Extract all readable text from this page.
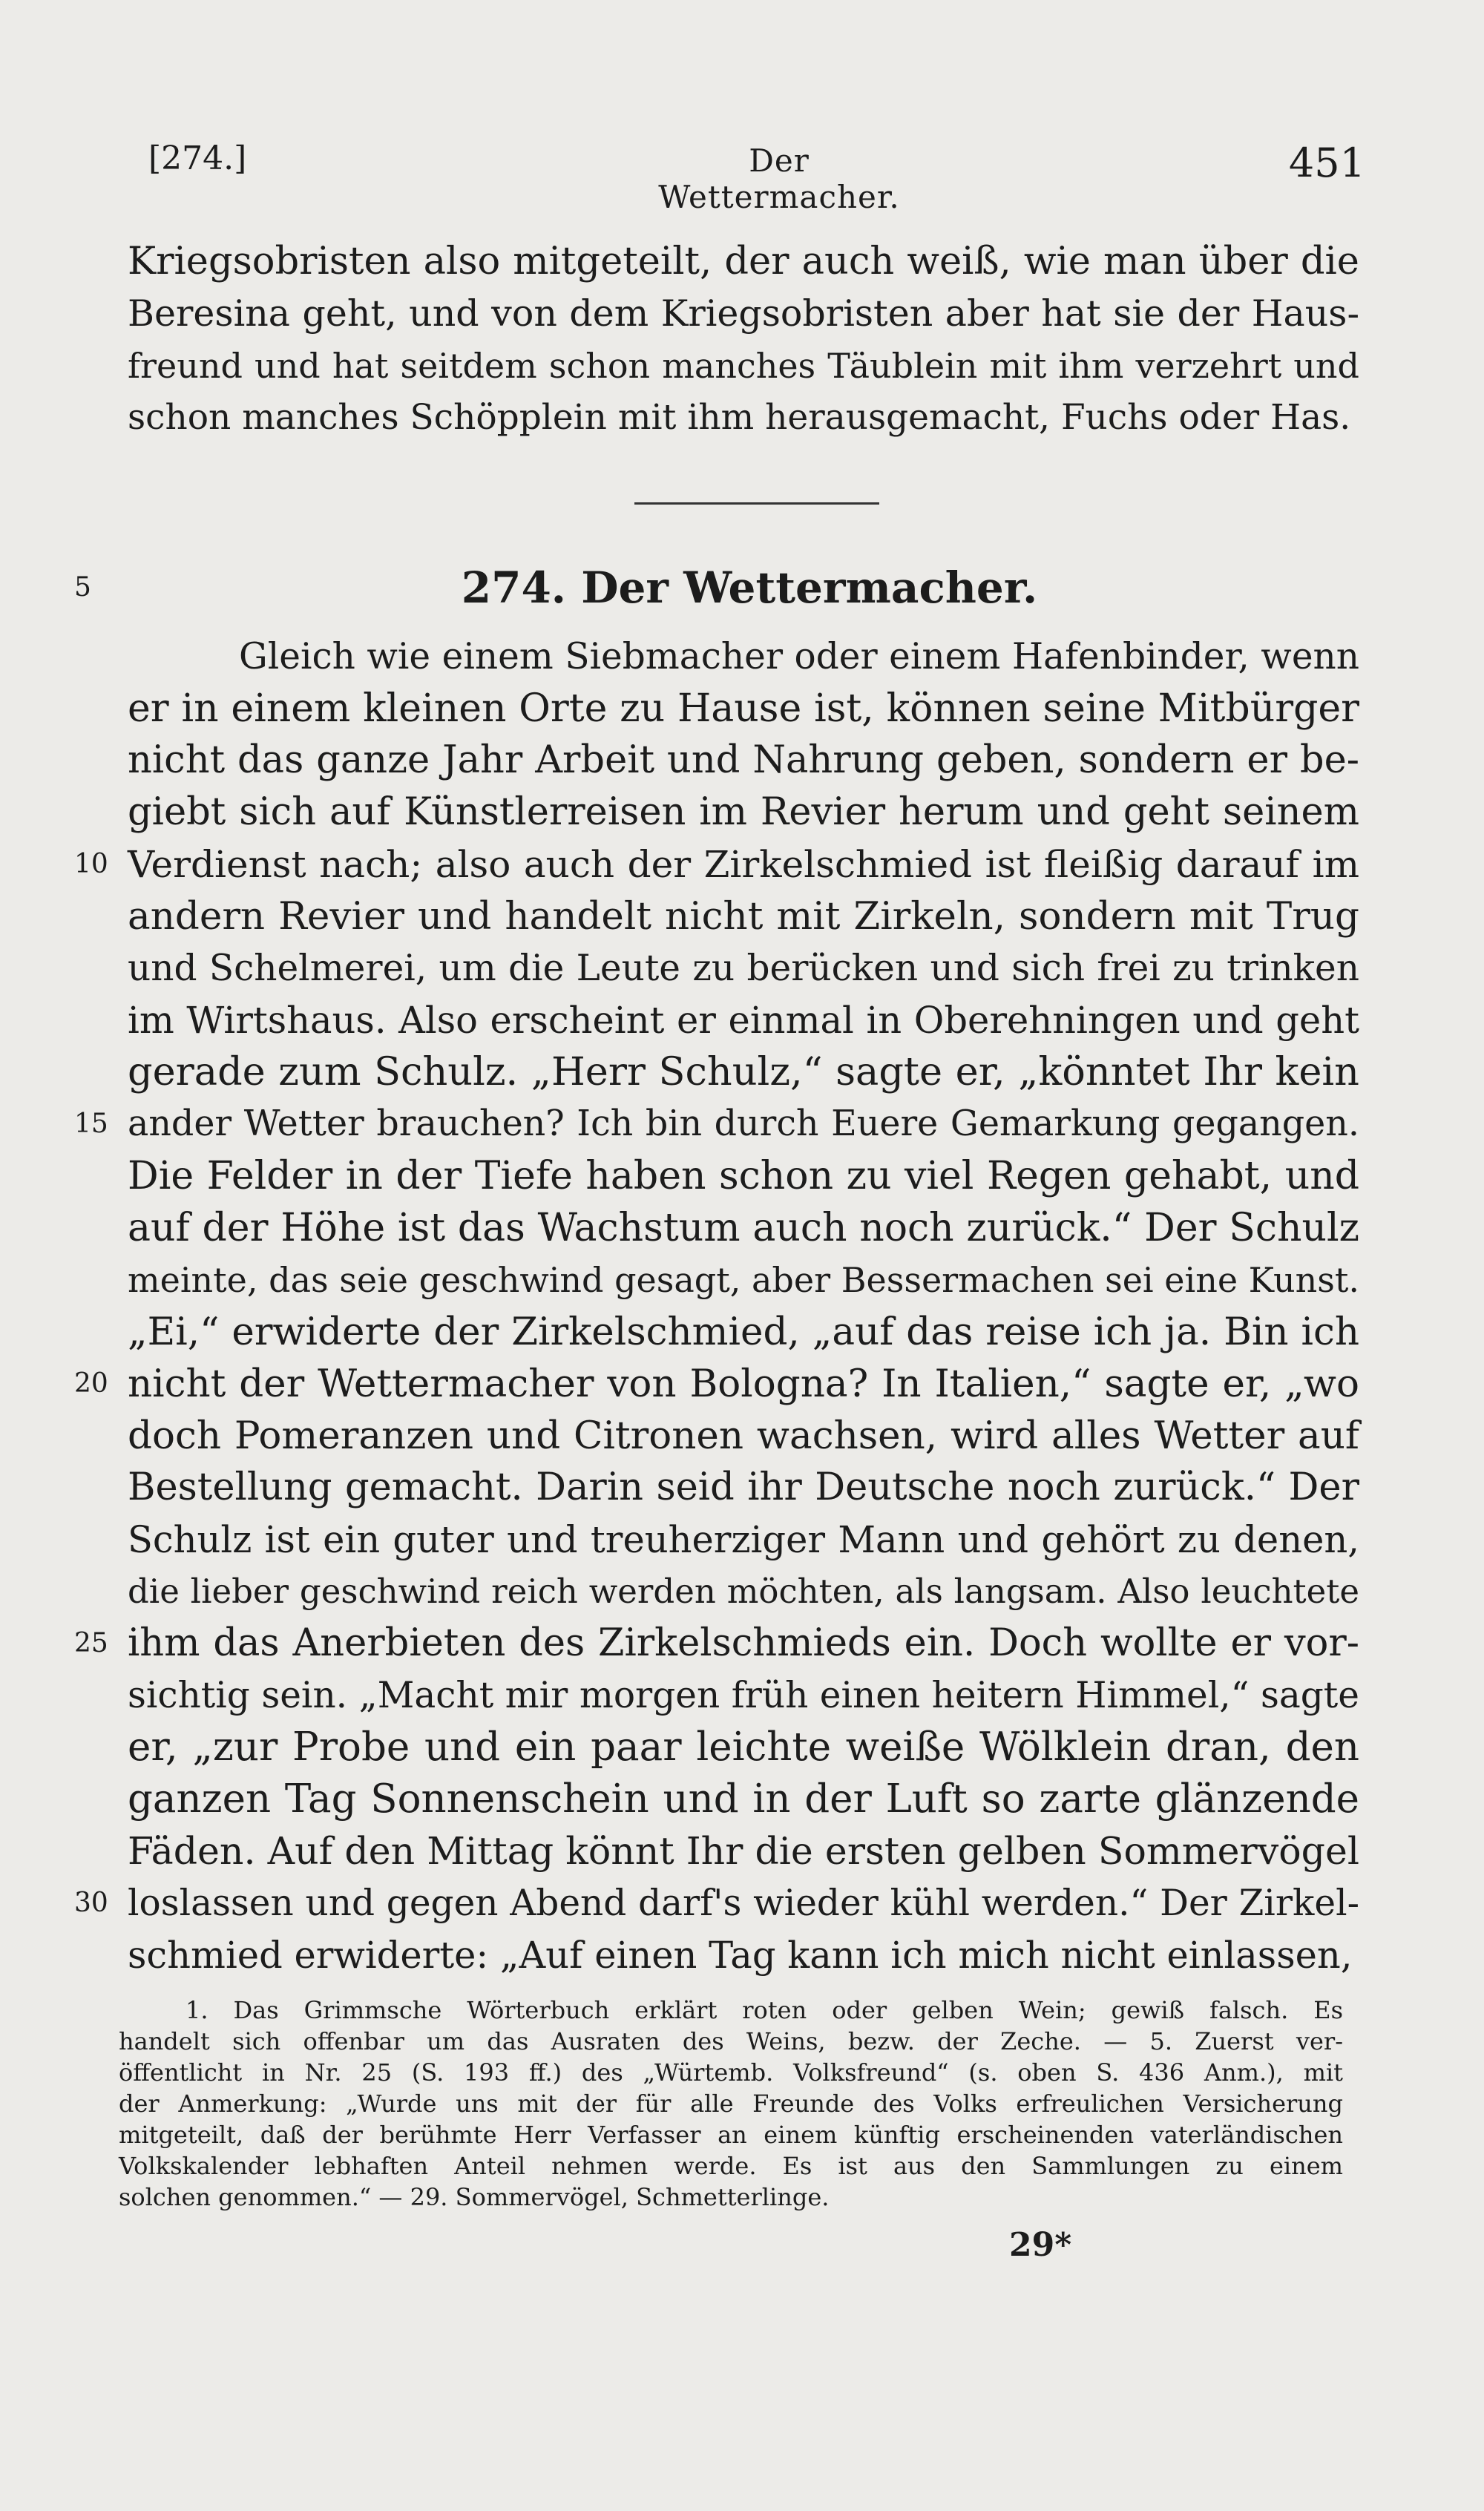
[274.]	Der Wettermacher.
451
Kriegsobristen also mitgeteilt, der auch weiß, wie man über die
Beresina geht, und von dem Kriegsobristen aber hat sie der Haus-
freund und hat seitdem schon manches Täublein mit ihm verzehrt und
schon manches Schöpplein mit ihm herausgemacht, Fuchs oder Has.
5	274. Der Wettermacher.
Gleich wie einem Siebmacher oder einem Hafenbinder, wenn
er in einem kleinen Orte zu Hause ist, können seine Mitbürger
nicht das ganze Jahr Arbeit und Nahrung geben, sondern er be-
giebt sich auf Künstlerreisen im Revier herum und geht seinem
10 Verdienst nach; also auch der Zirkelschmied ist fleißig darauf im
andern Revier und handelt nicht mit Zirkeln, sondern mit Trug
und Schelmerei, um die Leute zu berücken und sich frei zu trinken
im Wirtshaus. Also erscheint er einmal in Oberehningen und geht
gerade zum Schulz. „Herr Schulz,“ sagte er, „könntet Ihr kein
15 ander Wetter brauchen? Ich bin durch Euere Gemarkung gegangen.
Die Felder in der Tiefe haben schon zu viel Regen gehabt, und
auf der Höhe ist das Wachstum auch noch zurück.“ Der Schulz
meinte, das seie geschwind gesagt, aber Bessermachen sei eine Kunst.
„Ei,“ erwiderte der Zirkelschmied, „auf das reise ich ja. Bin ich
20 nicht der Wettermacher von Bologna? In Italien,“ sagte er, „wo
doch Pomeranzen und Citronen wachsen, wird alles Wetter auf
Bestellung gemacht. Darin seid ihr Deutsche noch zurück.“ Der
Schulz ist ein guter und treuherziger Mann und gehört zu denen,
die lieber geschwind reich werden möchten, als langsam. Also leuchtete
25 ihm das Anerbieten des Zirkelschmieds ein. Doch wollte er vor-
sichtig sein. „Macht mir morgen früh einen heitern Himmel,“ sagte
er, „zur Probe und ein paar leichte weiße Wölklein dran, den
ganzen Tag Sonnenschein und in der Luft so zarte glänzende
Fäden. Auf den Mittag könnt Ihr die ersten gelben Sommervögel
30 loslassen und gegen Abend darf's wieder kühl werden.“ Der Zirkel-
schmied erwiderte: „Auf einen Tag kann ich mich nicht einlassen,
1. Das Grimmsche Wörterbuch erklärt roten oder gelben Wein; gewiß falsch. Es
handelt sich offenbar um das Ausraten des Weins, bezw. der Zeche. — 5. Zuerst ver-
öffentlicht in Nr. 25 (S. 193 ff.) des „Würtemb. Volksfreund“ (s. oben S. 436 Anm.), mit
der Anmerkung: „Wurde uns mit der für alle Freunde des Volks erfreulichen Versicherung
mitgeteilt, daß der berühmte Herr Verfasser an einem künftig erscheinenden vaterländischen
Volkskalender lebhaften Anteil nehmen werde. Es ist aus den Sammlungen zu einem
solchen genommen.“ — 29. Sommervögel, Schmetterlinge.
29*
